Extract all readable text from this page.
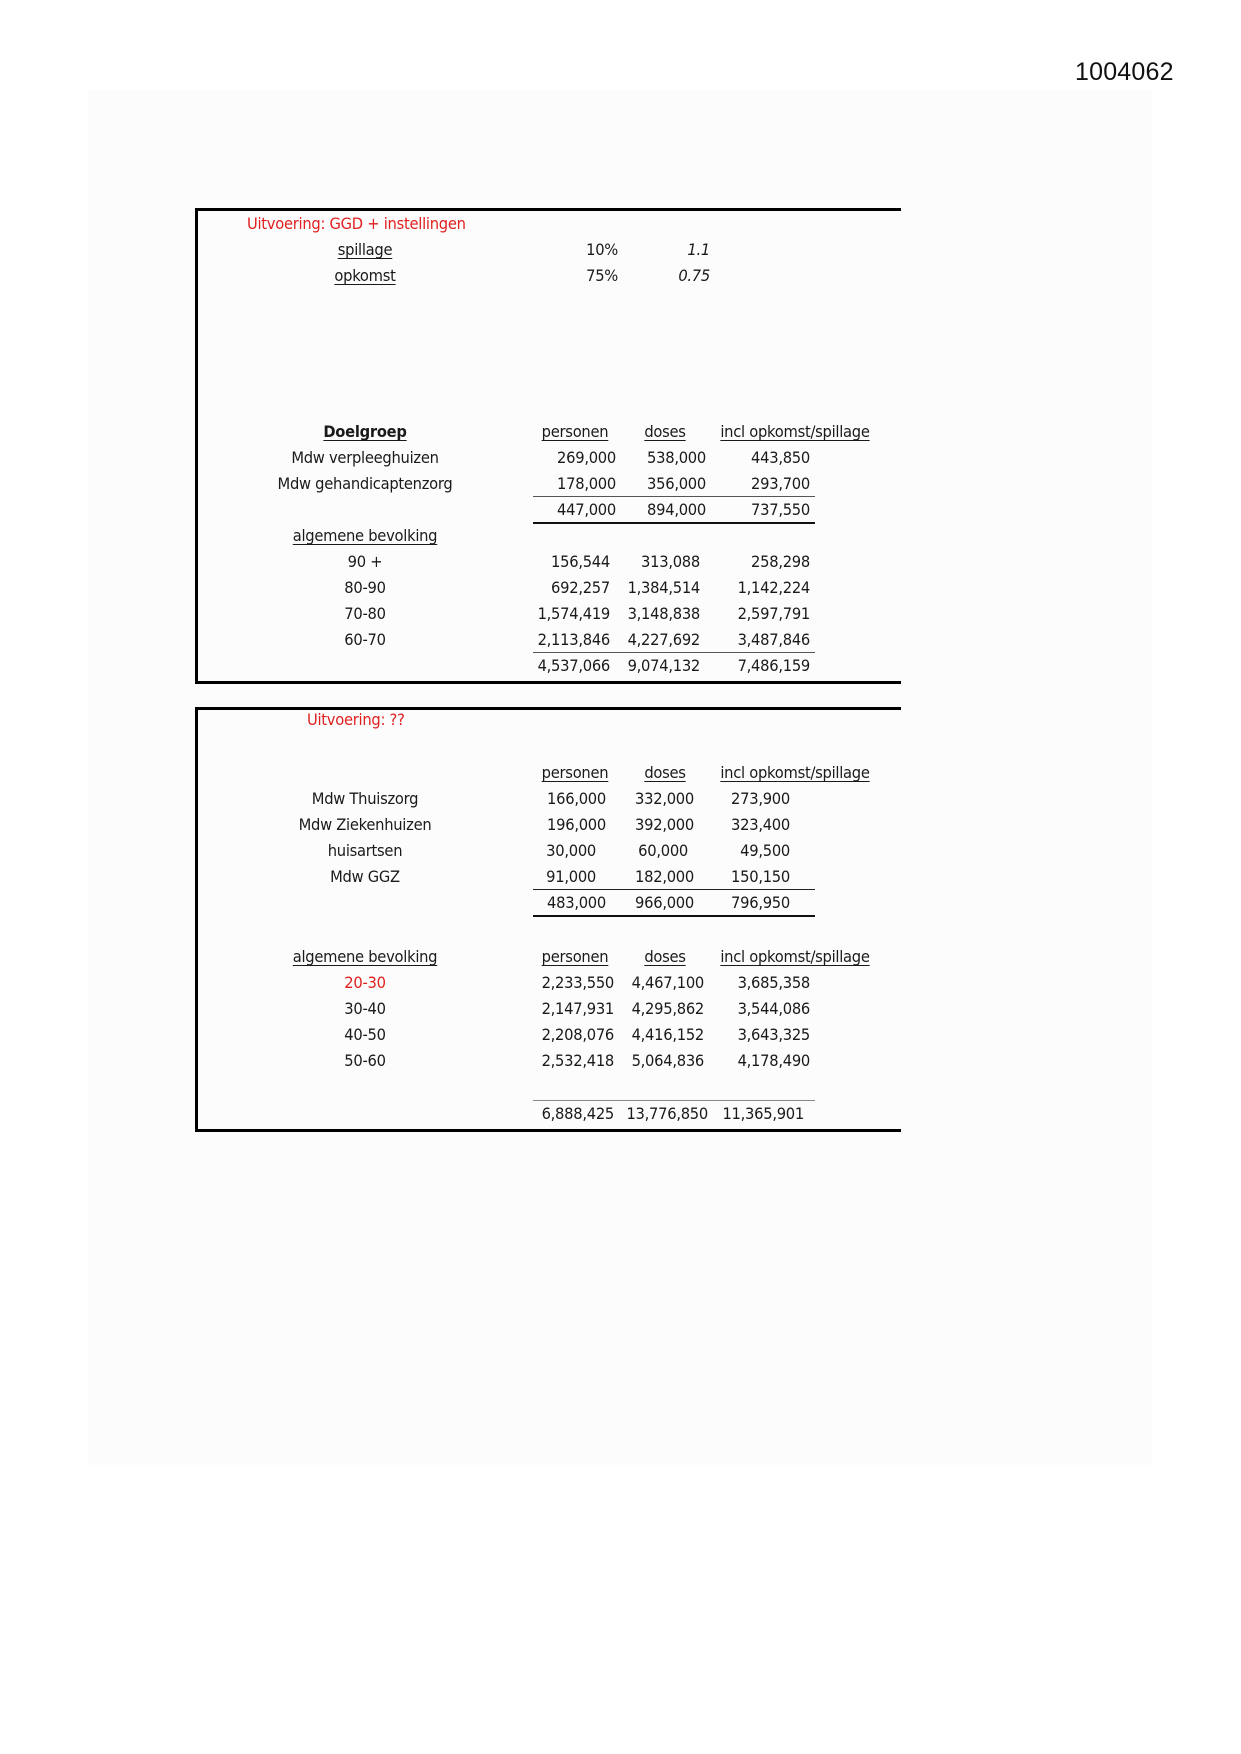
1004062
Uitvoering: GGD + instellingen
spillage	10%	1.1
opkomst	75%	0.75
Doelgroep	personen	doses	incl opkomst/spillage
Mdw verpleeghuizen	269,000	538,000	443,850
Mdw gehandicaptenzorg	178,000	356,000	293,700
447,000	894,000	737,550
algemene bevolking
90 +	156,544	313,088	258,298
80-90	692,257	1,384,514	1,142,224
70-80	1,574,419	3,148,838	2,597,791
60-70	2,113,846	4,227,692	3,487,846
4,537,066	9,074,132	7,486,159
Uitvoering: ??
personen	doses	incl opkomst/spillage
Mdw Thuiszorg	166,000	332,000	273,900
Mdw Ziekenhuizen	196,000	392,000	323,400
huisartsen	30,000	60,000	49,500
Mdw GGZ	91,000	182,000	150,150
483,000	966,000	796,950
algemene bevolking	personen	doses	incl opkomst/spillage
20-30	2,233,550	4,467,100	3,685,358
30-40	2,147,931	4,295,862	3,544,086
40-50	2,208,076	4,416,152	3,643,325
50-60	2,532,418	5,064,836	4,178,490
6,888,425 13,776,850 11,365,901
